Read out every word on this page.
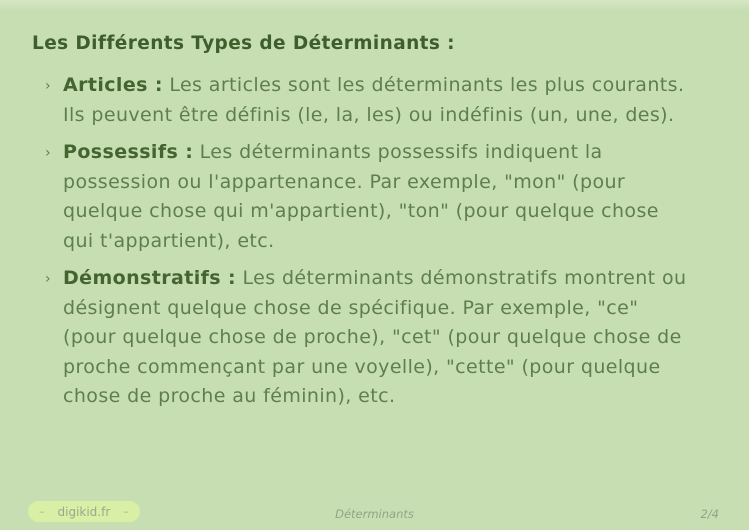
Les Différents Types de Déterminants :
› Articles : Les articles sont les déterminants les plus courants. Ils peuvent être définis (le, la, les) ou indéfinis (un, une, des).
› Possessifs : Les déterminants possessifs indiquent la possession ou l'appartenance. Par exemple, "mon" (pour quelque chose qui m'appartient), "ton" (pour quelque chose qui t'appartient), etc.
› Démonstratifs : Les déterminants démonstratifs montrent ou désignent quelque chose de spécifique. Par exemple, "ce" (pour quelque chose de proche), "cet" (pour quelque chose de proche commençant par une voyelle), "cette" (pour quelque chose de proche au féminin), etc.
– digikid.fr –	Déterminants	2/4
